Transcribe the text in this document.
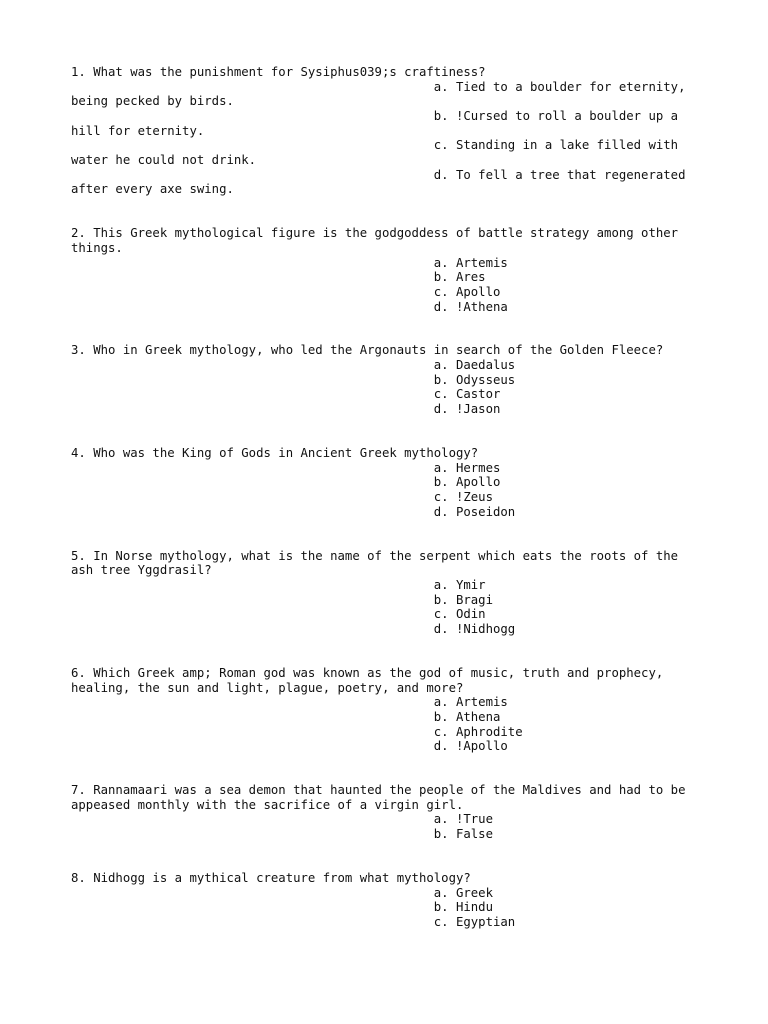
1. What was the punishment for Sysiphus039;s craftiness?
a. Tied to a boulder for eternity,
being pecked by birds.
b. !Cursed to roll a boulder up a
hill for eternity.
c. Standing in a lake filled with
water he could not drink.
d. To fell a tree that regenerated
after every axe swing.

2. This Greek mythological figure is the godgoddess of battle strategy among other
things.
a. Artemis
b. Ares
c. Apollo
d. !Athena

3. Who in Greek mythology, who led the Argonauts in search of the Golden Fleece?
a. Daedalus
b. Odysseus
c. Castor
d. !Jason

4. Who was the King of Gods in Ancient Greek mythology?
a. Hermes
b. Apollo
c. !Zeus
d. Poseidon

5. In Norse mythology, what is the name of the serpent which eats the roots of the
ash tree Yggdrasil?
a. Ymir
b. Bragi
c. Odin
d. !Nidhogg

6. Which Greek amp; Roman god was known as the god of music, truth and prophecy,
healing, the sun and light, plague, poetry, and more?
a. Artemis
b. Athena
c. Aphrodite
d. !Apollo

7. Rannamaari was a sea demon that haunted the people of the Maldives and had to be
appeased monthly with the sacrifice of a virgin girl.
a. !True
b. False

8. Nidhogg is a mythical creature from what mythology?
a. Greek
b. Hindu
c. Egyptian
